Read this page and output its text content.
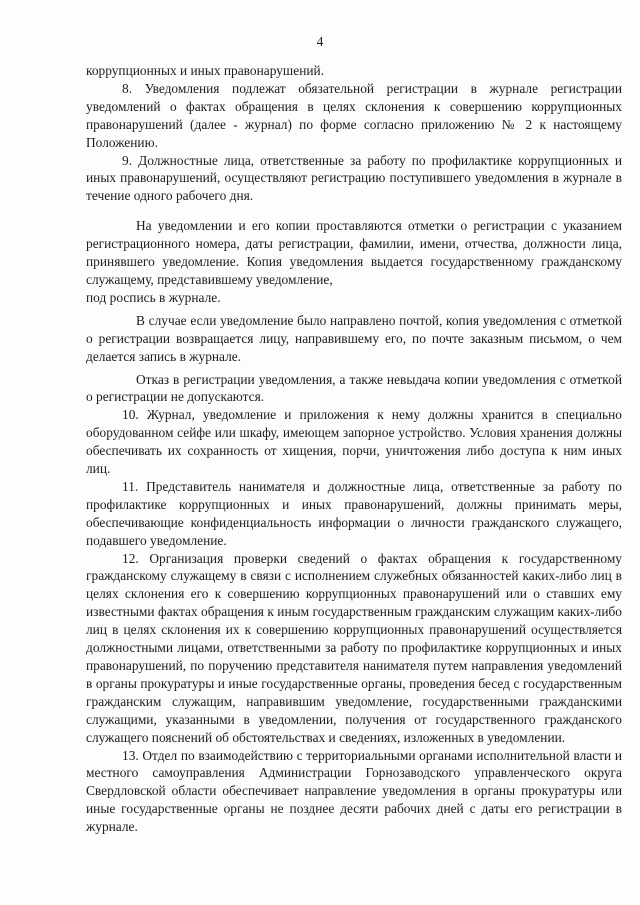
4

коррупционных и иных правонарушений.

8. Уведомления подлежат обязательной регистрации в журнале регистрации уведомлений о фактах обращения в целях склонения к совершению коррупционных правонарушений (далее - журнал) по форме согласно приложению № 2 к настоящему Положению.

9. Должностные лица, ответственные за работу по профилактике коррупционных и иных правонарушений, осуществляют регистрацию поступившего уведомления в журнале в течение одного рабочего дня.

На уведомлении и его копии проставляются отметки о регистрации с указанием регистрационного номера, даты регистрации, фамилии, имени, отчества, должности лица, принявшего уведомление. Копия уведомления выдается государственному гражданскому служащему, представившему уведомление,

под роспись в журнале.

В случае если уведомление было направлено почтой, копия уведомления с отметкой о регистрации возвращается лицу, направившему его, по почте заказным письмом, о чем делается запись в журнале.

Отказ в регистрации уведомления, а также невыдача копии уведомления с отметкой о регистрации не допускаются.

10. Журнал, уведомление и приложения к нему должны хранится в специально оборудованном сейфе или шкафу, имеющем запорное устройство. Условия хранения должны обеспечивать их сохранность от хищения, порчи, уничтожения либо доступа к ним иных лиц.

11. Представитель нанимателя и должностные лица, ответственные за работу по профилактике коррупционных и иных правонарушений, должны принимать меры, обеспечивающие конфиденциальность информации о личности гражданского служащего, подавшего уведомление.

12. Организация проверки сведений о фактах обращения к государственному гражданскому служащему в связи с исполнением служебных обязанностей каких-либо лиц в целях склонения его к совершению коррупционных правонарушений или о ставших ему известными фактах обращения к иным государственным гражданским служащим каких-либо лиц в целях склонения их к совершению коррупционных правонарушений осуществляется должностными лицами, ответственными за работу по профилактике коррупционных и иных правонарушений, по поручению представителя нанимателя путем направления уведомлений в органы прокуратуры и иные государственные органы, проведения бесед с государственным гражданским служащим, направившим уведомление, государственными гражданскими служащими, указанными в уведомлении, получения от государственного гражданского служащего пояснений об обстоятельствах и сведениях, изложенных в уведомлении.

13. Отдел по взаимодействию с территориальными органами исполнительной власти и местного самоуправления Администрации Горнозаводского управленческого округа Свердловской области обеспечивает направление уведомления в органы прокуратуры или иные государственные органы не позднее десяти рабочих дней с даты его регистрации в журнале.
